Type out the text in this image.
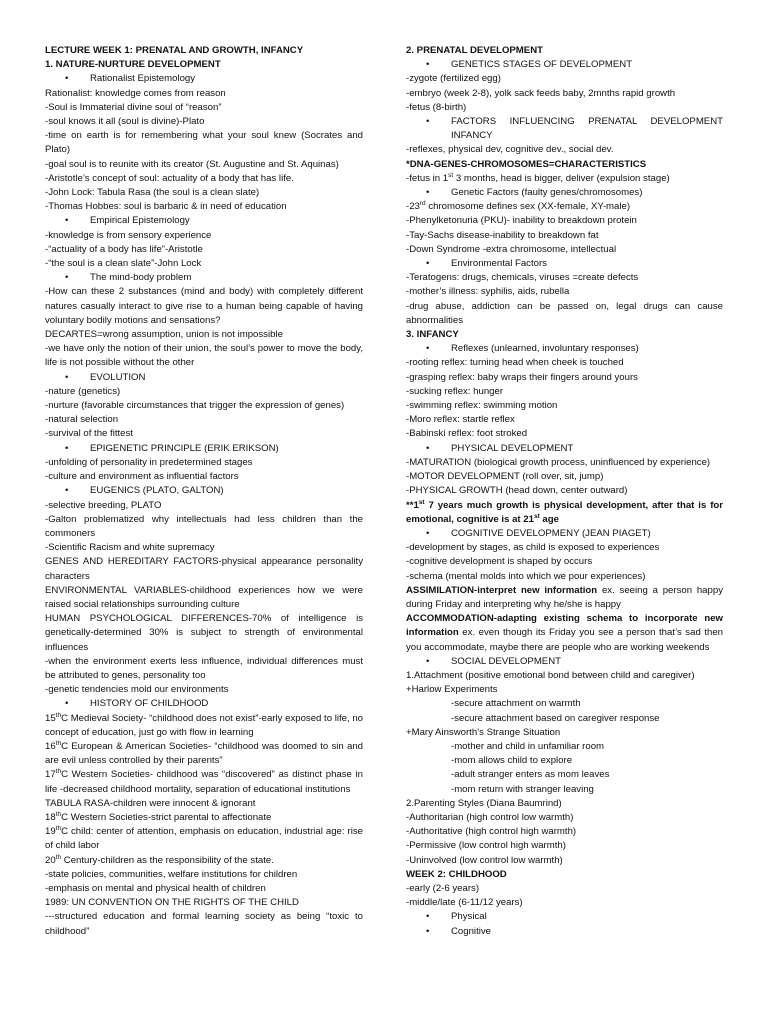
LECTURE WEEK 1: PRENATAL AND GROWTH, INFANCY
1. NATURE-NURTURE DEVELOPMENT
• Rationalist Epistemology
Rationalist: knowledge comes from reason
-Soul is Immaterial divine soul of “reason”
-soul knows it all (soul is divine)-Plato
-time on earth is for remembering what your soul knew (Socrates and Plato)
-goal soul is to reunite with its creator (St. Augustine and St. Aquinas)
-Aristotle’s concept of soul: actuality of a body that has life.
-John Lock: Tabula Rasa (the soul is a clean slate)
-Thomas Hobbes: soul is barbaric & in need of education
• Empirical Epistemology
-knowledge is from sensory experience
-“actuality of a body has life”-Aristotle
-“the soul is a clean slate”-John Lock
• The mind-body problem
-How can these 2 substances (mind and body) with completely different natures casually interact to give rise to a human being capable of having voluntary bodily motions and sensations?
DECARTES=wrong assumption, union is not impossible
-we have only the notion of their union, the soul’s power to move the body, life is not possible without the other
• EVOLUTION
-nature (genetics)
-nurture (favorable circumstances that trigger the expression of genes)
-natural selection
-survival of the fittest
• EPIGENETIC PRINCIPLE (ERIK ERIKSON)
-unfolding of personality in predetermined stages
-culture and environment as influential factors
• EUGENICS (PLATO, GALTON)
-selective breeding, PLATO
-Galton problematized why intellectuals had less children than the commoners
-Scientific Racism and white supremacy
GENES AND HEREDITARY FACTORS-physical appearance personality characters
ENVIRONMENTAL VARIABLES-childhood experiences how we were raised social relationships surrounding culture
HUMAN PSYCHOLOGICAL DIFFERENCES-70% of intelligence is genetically-determined 30% is subject to strength of environmental influences
-when the environment exerts less influence, individual differences must be attributed to genes, personality too
-genetic tendencies mold our environments
• HISTORY OF CHILDHOOD
15thC Medieval Society- “childhood does not exist”-early exposed to life, no concept of education, just go with flow in learning
16thC European & American Societies- “childhood was doomed to sin and are evil unless controlled by their parents”
17thC Western Societies- childhood was “discovered” as distinct phase in life -decreased childhood mortality, separation of educational institutions
TABULA RASA-children were innocent & ignorant
18thC Western Societies-strict parental to affectionate
19thC child: center of attention, emphasis on education, industrial age: rise of child labor
20th Century-children as the responsibility of the state.
-state policies, communities, welfare institutions for children
-emphasis on mental and physical health of children
1989: UN CONVENTION ON THE RIGHTS OF THE CHILD
---structured education and formal learning society as being “toxic to childhood”
2. PRENATAL DEVELOPMENT
• GENETICS STAGES OF DEVELOPMENT
-zygote (fertilized egg)
-embryo (week 2-8), yolk sack feeds baby, 2mnths rapid growth
-fetus (8-birth)
• FACTORS INFLUENCING PRENATAL DEVELOPMENT INFANCY
-reflexes, physical dev, cognitive dev., social dev.
*DNA-GENES-CHROMOSOMES=CHARACTERISTICS
-fetus in 1st 3 months, head is bigger, deliver (expulsion stage)
• Genetic Factors (faulty genes/chromosomes)
-23rd chromosome defines sex (XX-female, XY-male)
-Phenylketonuria (PKU)- inability to breakdown protein
-Tay-Sachs disease-inability to breakdown fat
-Down Syndrome -extra chromosome, intellectual
• Environmental Factors
-Teratogens: drugs, chemicals, viruses =create defects
-mother’s illness: syphilis, aids, rubella
-drug abuse, addiction can be passed on, legal drugs can cause abnormalities
3. INFANCY
• Reflexes (unlearned, involuntary responses)
-rooting reflex: turning head when cheek is touched
-grasping reflex: baby wraps their fingers around yours
-sucking reflex: hunger
-swimming reflex: swimming motion
-Moro reflex: startle reflex
-Babinski reflex: foot stroked
• PHYSICAL DEVELOPMENT
-MATURATION (biological growth process, uninfluenced by experience)
-MOTOR DEVELOPMENT (roll over, sit, jump)
-PHYSICAL GROWTH (head down, center outward)
**1st 7 years much growth is physical development, after that is for emotional, cognitive is at 21st age
• COGNITIVE DEVELOPMENY (JEAN PIAGET)
-development by stages, as child is exposed to experiences
-cognitive development is shaped by occurs
-schema (mental molds into which we pour experiences)
ASSIMILATION-interpret new information ex. seeing a person happy during Friday and interpreting why he/she is happy
ACCOMMODATION-adapting existing schema to incorporate new information ex. even though its Friday you see a person that’s sad then you accommodate, maybe there are people who are working weekends
• SOCIAL DEVELOPMENT
1.Attachment (positive emotional bond between child and caregiver)
+Harlow Experiments
-secure attachment on warmth
-secure attachment based on caregiver response
+Mary Ainsworth’s Strange Situation
-mother and child in unfamiliar room
-mom allows child to explore
-adult stranger enters as mom leaves
-mom return with stranger leaving
2.Parenting Styles (Diana Baumrind)
-Authoritarian (high control low warmth)
-Authoritative (high control high warmth)
-Permissive (low control high warmth)
-Uninvolved (low control low warmth)
WEEK 2: CHILDHOOD
-early (2-6 years)
-middle/late (6-11/12 years)
• Physical
• Cognitive
